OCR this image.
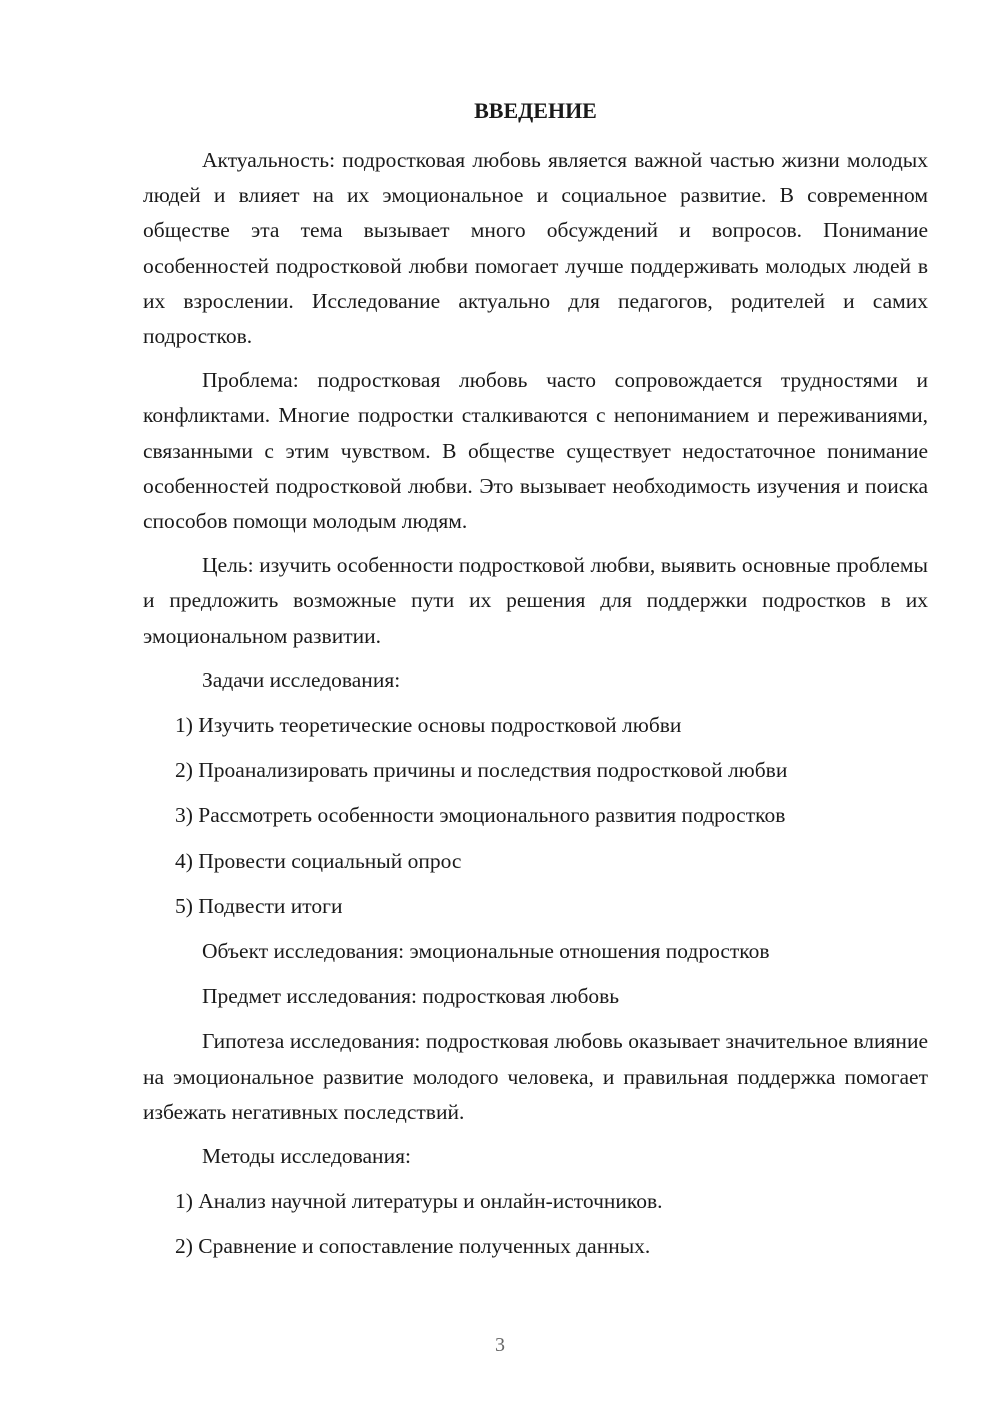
ВВЕДЕНИЕ

Актуальность: подростковая любовь является важной частью жизни молодых людей и влияет на их эмоциональное и социальное развитие. В современном обществе эта тема вызывает много обсуждений и вопросов. Понимание особенностей подростковой любви помогает лучше поддерживать молодых людей в их взрослении. Исследование актуально для педагогов, родителей и самих подростков.

Проблема: подростковая любовь часто сопровождается трудностями и конфликтами. Многие подростки сталкиваются с непониманием и переживаниями, связанными с этим чувством. В обществе существует недостаточное понимание особенностей подростковой любви. Это вызывает необходимость изучения и поиска способов помощи молодым людям.

Цель: изучить особенности подростковой любви, выявить основные проблемы и предложить возможные пути их решения для поддержки подростков в их эмоциональном развитии.

Задачи исследования:

1) Изучить теоретические основы подростковой любви

2) Проанализировать причины и последствия подростковой любви

3) Рассмотреть особенности эмоционального развития подростков

4) Провести социальный опрос

5) Подвести итоги

Объект исследования: эмоциональные отношения подростков

Предмет исследования: подростковая любовь

Гипотеза исследования: подростковая любовь оказывает значительное влияние на эмоциональное развитие молодого человека, и правильная поддержка помогает избежать негативных последствий.

Методы исследования:

1) Анализ научной литературы и онлайн-источников.

2) Сравнение и сопоставление полученных данных.

3
